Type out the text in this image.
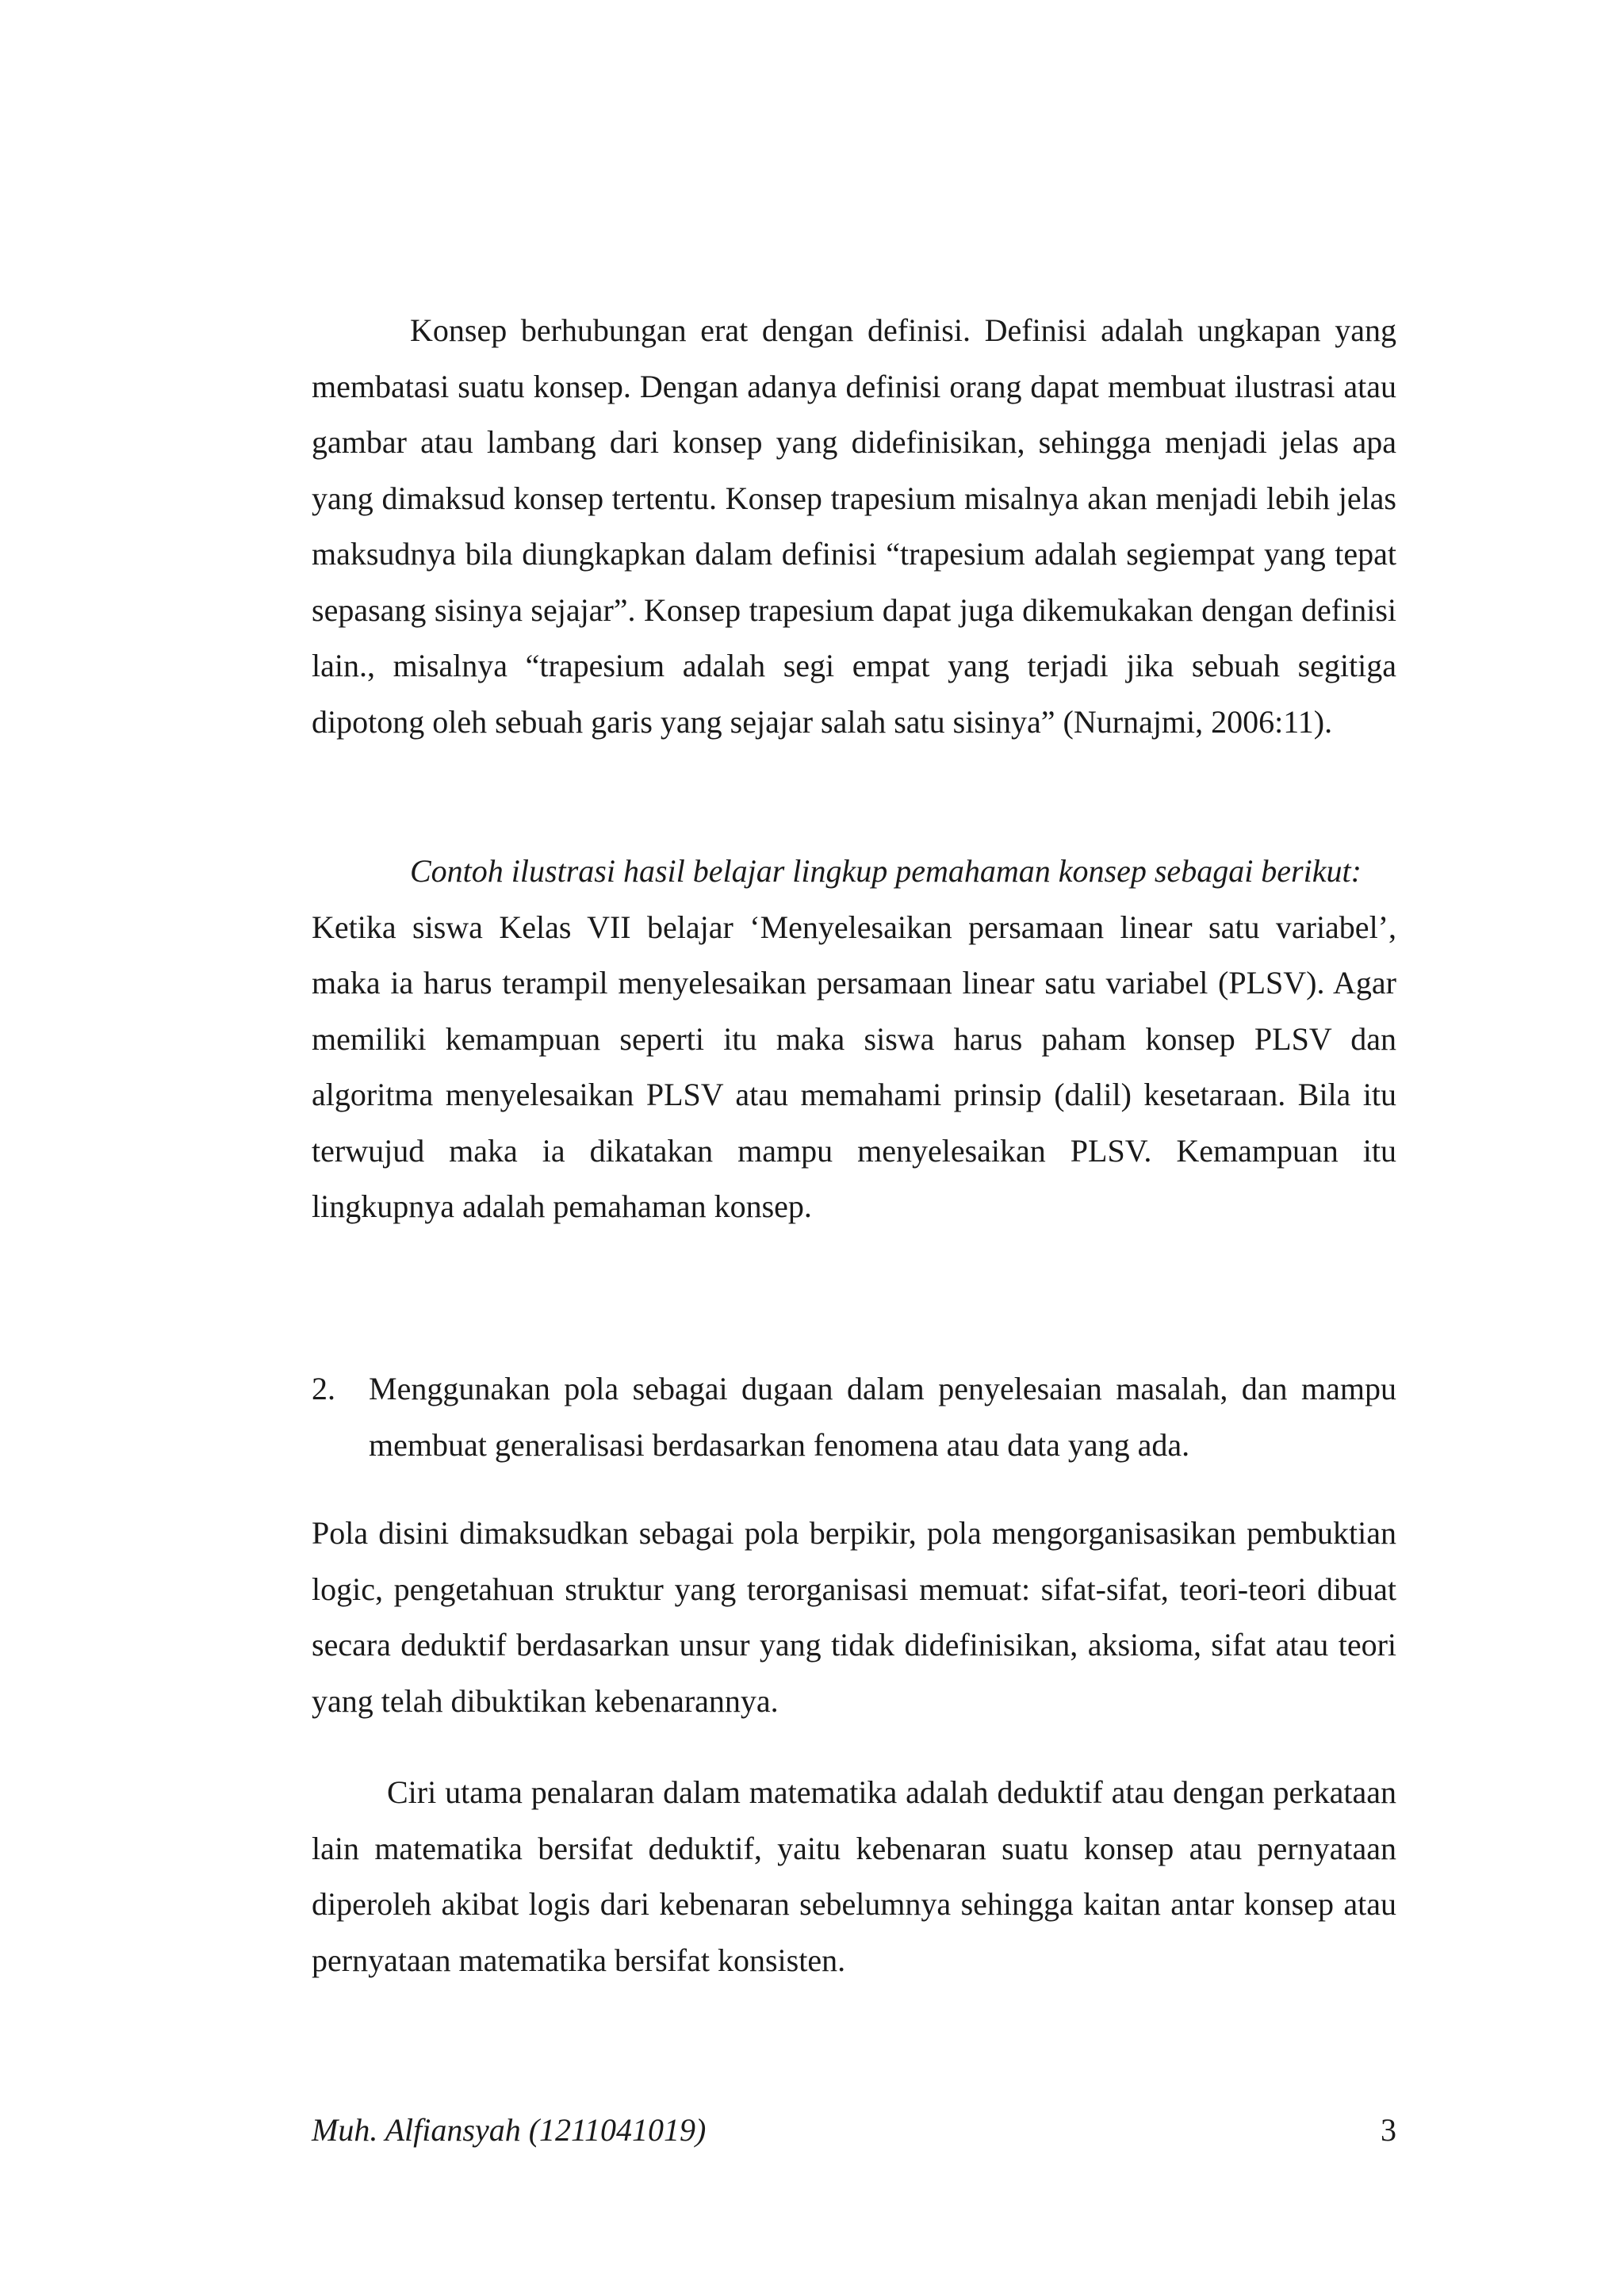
Konsep berhubungan erat dengan definisi. Definisi adalah ungkapan yang membatasi suatu konsep. Dengan adanya definisi orang dapat membuat ilustrasi atau gambar atau lambang dari konsep yang didefinisikan, sehingga menjadi jelas apa yang dimaksud konsep tertentu. Konsep trapesium misalnya akan menjadi lebih jelas maksudnya bila diungkapkan dalam definisi “trapesium adalah segiempat yang tepat sepasang sisinya sejajar”. Konsep trapesium dapat juga dikemukakan dengan definisi lain., misalnya “trapesium adalah segi empat yang terjadi jika sebuah segitiga dipotong oleh sebuah garis yang sejajar salah satu sisinya” (Nurnajmi, 2006:11).

Contoh ilustrasi hasil belajar lingkup pemahaman konsep sebagai berikut:
Ketika siswa Kelas VII belajar ‘Menyelesaikan persamaan linear satu variabel’, maka ia harus terampil menyelesaikan persamaan linear satu variabel (PLSV). Agar memiliki kemampuan seperti itu maka siswa harus paham konsep PLSV dan algoritma menyelesaikan PLSV atau memahami prinsip (dalil) kesetaraan. Bila itu terwujud maka ia dikatakan mampu menyelesaikan PLSV. Kemampuan itu lingkupnya adalah pemahaman konsep.

2. Menggunakan pola sebagai dugaan dalam penyelesaian masalah, dan mampu membuat generalisasi berdasarkan fenomena atau data yang ada.

Pola disini dimaksudkan sebagai pola berpikir, pola mengorganisasikan pembuktian logic, pengetahuan struktur yang terorganisasi memuat: sifat-sifat, teori-teori dibuat secara deduktif berdasarkan unsur yang tidak didefinisikan, aksioma, sifat atau teori yang telah dibuktikan kebenarannya.

Ciri utama penalaran dalam matematika adalah deduktif atau dengan perkataan lain matematika bersifat deduktif, yaitu kebenaran suatu konsep atau pernyataan diperoleh akibat logis dari kebenaran sebelumnya sehingga kaitan antar konsep atau pernyataan matematika bersifat konsisten.

Muh. Alfiansyah (1211041019)	3
